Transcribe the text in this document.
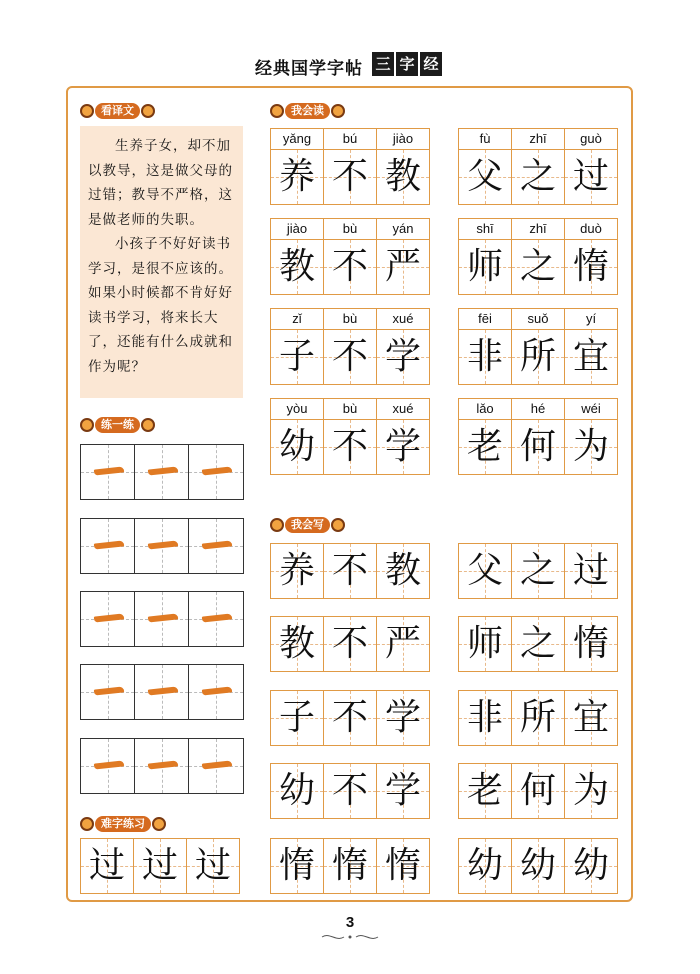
经典国学字帖 三 字 经
看译文	我会读
练一练
我会写
难字练习

生养子女，却不加以教导，这是做父母的过错；教导不严格，这是做老师的失职。

小孩子不好好读书学习，是很不应该的。如果小时候都不肯好好读书学习，将来长大了，还能有什么成就和作为呢？

yǎng
养
bú
不
jiào
教
fù
父
zhī
之
guò
过
jiào
教
bù
不
yán
严
shī
师
zhī
之
duò
惰
zǐ
子
bù
不
xué
学
fēi
非
suǒ
所
yí
宜
yòu
幼
bù
不
xué
学
lǎo
老
hé
何
wéi
为
养 不 教 父 之 过
教 不 严 师 之 惰
子 不 学 非 所 宜
幼 不 学 老 何 为
过 过 过 惰 惰 惰 幼 幼 幼
3
